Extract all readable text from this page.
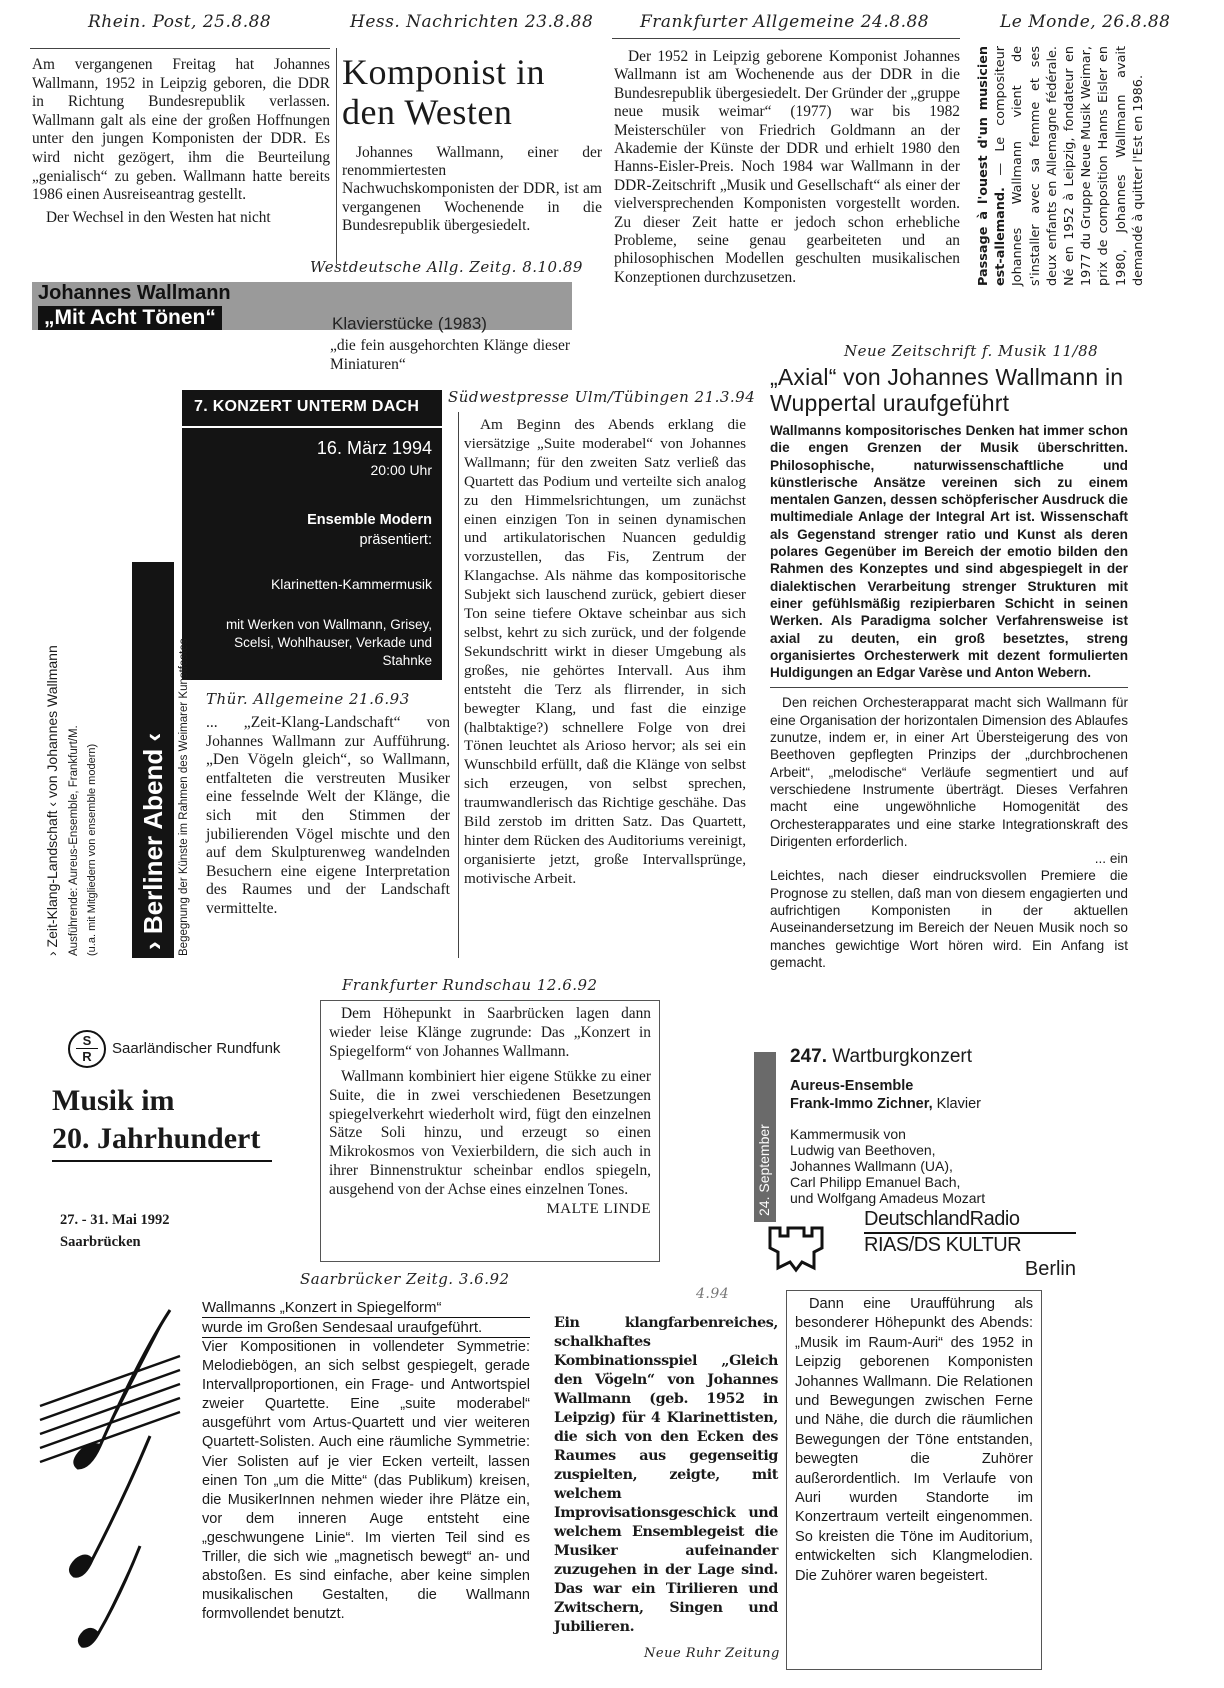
Rhein. Post, 25.8.88	Hess. Nachrichten 23.8.88	Frankfurter Allgemeine 24.8.88	Le Monde, 26.8.88

Am vergangenen Freitag hat Johannes Wallmann, 1952 in Leipzig geboren, die DDR in Richtung Bundesrepublik verlassen. Wallmann galt als eine der großen Hoffnungen unter den jungen Komponisten der DDR. Es wird nicht gezögert, ihm die Beurteilung „genialisch“ zu geben. Wallmann hatte bereits 1986 einen Ausreiseantrag gestellt.

Der Wechsel in den Westen hat nicht

Komponist in den Westen
Johannes Wallmann, einer der renommiertesten Nachwuchskomponisten der DDR, ist am vergangenen Wochenende in die Bundesrepublik übergesiedelt.

Der 1952 in Leipzig geborene Komponist Johannes Wallmann ist am Wochenende aus der DDR in die Bundesrepublik übergesiedelt. Der Gründer der „gruppe neue musik weimar“ (1977) war bis 1982 Meisterschüler von Friedrich Goldmann an der Akademie der Künste der DDR und erhielt 1980 den Hanns-Eisler-Preis. Noch 1984 war Wallmann in der DDR-Zeitschrift „Musik und Gesellschaft“ als einer der vielversprechenden Komponisten vorgestellt worden. Zu dieser Zeit hatte er jedoch schon erhebliche Probleme, seine genau gearbeiteten und an philosophischen Modellen geschulten musikalischen Konzeptionen durchzusetzen.	Passage à l'ouest d'un musicien est-allemand. — Le compositeur Johannes Wallmann vient de s'installer avec sa femme et ses deux enfants en Allemagne fédérale. Né en 1952 à Leipzig, fondateur en 1977 du Gruppe Neue Musik Weimar, prix de composition Hanns Eisler en 1980, Johannes Wallmann avait demandé à quitter l'Est en 1986.
Westdeutsche Allg. Zeitg. 8.10.89
Johannes Wallmann
„Mit Acht Tönen“	Klavierstücke (1983)
„die fein ausgehorchten Klänge dieser Miniaturen“
7. KONZERT UNTERM DACH
16. März 1994
20:00 Uhr
Ensemble Modern
präsentiert:
Klarinetten-Kammermusik
mit Werken von Wallmann, Grisey, Scelsi, Wohlhauser, Verkade und Stahnke
› Zeit-Klang-Landschaft ‹ von Johannes Wallmann Ausführende: Aureus-Ensemble, Frankfurt/M. (u.a. mit Mitgliedern von ensemble modern) › Berliner Abend ‹ Begegnung der Künste im Rahmen des Weimarer Kunstfestes Thür. Allgemeine 21.6.93

... „Zeit-Klang-Landschaft“ von Johannes Wallmann zur Aufführung. „Den Vögeln gleich“, so Wallmann, entfalteten die verstreuten Musiker eine fesselnde Welt der Klänge, die sich mit den Stimmen der jubilierenden Vögel mischte und den auf dem Skulpturenweg wandelnden Besuchern eine eigene Interpretation des Raumes und der Landschaft vermittelte.

Südwestpresse Ulm/Tübingen 21.3.94

Am Beginn des Abends erklang die viersätzige „Suite moderabel“ von Johannes Wallmann; für den zweiten Satz verließ das Quartett das Podium und verteilte sich analog zu den Himmelsrichtungen, um zunächst einen einzigen Ton in seinen dynamischen und artikulatorischen Nuancen geduldig vorzustellen, das Fis, Zentrum der Klangachse. Als nähme das kompositorische Subjekt sich lauschend zurück, gebiert dieser Ton seine tiefere Oktave scheinbar aus sich selbst, kehrt zu sich zurück, und der folgende Sekundschritt wirkt in dieser Umgebung als großes, nie gehörtes Intervall. Aus ihm entsteht die Terz als flirrender, in sich bewegter Klang, und fast die einzige (halbtaktige?) schnellere Folge von drei Tönen leuchtet als Arioso hervor; als sei ein Wunschbild erfüllt, daß die Klänge von selbst sich erzeugen, von selbst sprechen, traumwandlerisch das Richtige geschähe. Das Bild zerstob im dritten Satz. Das Quartett, hinter dem Rücken des Auditoriums vereinigt, organisierte jetzt, große Intervallsprünge, motivische Arbeit.

Neue Zeitschrift f. Musik 11/88
„Axial“ von Johannes Wallmann in Wuppertal uraufgeführt

Wallmanns kompositorisches Denken hat immer schon die engen Grenzen der Musik überschritten. Philosophische, naturwissenschaftliche und künstlerische Ansätze vereinen sich zu einem mentalen Ganzen, dessen schöpferischer Ausdruck die multimediale Anlage der Integral Art ist. Wissenschaft als Gegenstand strenger ratio und Kunst als deren polares Gegenüber im Bereich der emotio bilden den Rahmen des Konzeptes und sind abgespiegelt in der dialektischen Verarbeitung strenger Strukturen mit einer gefühlsmäßig rezipierbaren Schicht in seinen Werken. Als Paradigma solcher Verfahrensweise ist axial zu deuten, ein groß besetztes, streng organisiertes Orchesterwerk mit dezent formulierten Huldigungen an Edgar Varèse und Anton Webern.

Den reichen Orchesterapparat macht sich Wallmann für eine Organisation der horizontalen Dimension des Ablaufes zunutze, indem er, in einer Art Übersteigerung des von Beethoven gepflegten Prinzips der „durchbrochenen Arbeit“, „melodische“ Verläufe segmentiert und auf verschiedene Instrumente überträgt. Dieses Verfahren macht eine ungewöhnliche Homogenität des Orchesterapparates und eine starke Integrationskraft des Dirigenten erforderlich.

... ein

Leichtes, nach dieser eindrucksvollen Premiere die Prognose zu stellen, daß man von diesem engagierten und aufrichtigen Komponisten in der aktuellen Auseinandersetzung im Bereich der Neuen Musik noch so manches gewichtige Wort hören wird. Ein Anfang ist gemacht.

S
R	Saarländischer Rundfunk
Musik im
20. Jahrhundert
27. - 31. Mai 1992
Saarbrücken
Frankfurter Rundschau 12.6.92

Dem Höhepunkt in Saarbrücken lagen dann wieder leise Klänge zugrunde: Das „Konzert in Spiegelform“ von Johannes Wallmann.

Wallmann kombiniert hier eigene Stükke zu einer Suite, die in zwei verschiedenen Besetzungen spiegelverkehrt wiederholt wird, fügt den einzelnen Sätze Soli hinzu, und erzeugt so einen Mikrokosmos von Vexierbildern, die sich auch in ihrer Binnenstruktur scheinbar endlos spiegeln, ausgehend von der Achse eines einzelnen Tones.

MALTE LINDE	24. September
247. Wartburgkonzert
Aureus-Ensemble
Frank-Immo Zichner, Klavier
Kammermusik von
Ludwig van Beethoven,
Johannes Wallmann (UA),
Carl Philipp Emanuel Bach,
und Wolfgang Amadeus Mozart
DeutschlandRadio
RIAS/DS KULTUR
Berlin
Saarbrücker Zeitg. 3.6.92

Wallmanns „Konzert in Spiegelform“

wurde im Großen Sendesaal uraufgeführt.

Vier Kompositionen in vollendeter Symmetrie: Melodiebögen, an sich selbst gespiegelt, gerade Intervallproportionen, ein Frage- und Antwortspiel zweier Quartette. Eine „suite moderabel“ ausgeführt vom Artus-Quartett und vier weiteren Quartett-Solisten. Auch eine räumliche Symmetrie: Vier Solisten auf je vier Ecken verteilt, lassen einen Ton „um die Mitte“ (das Publikum) kreisen, die MusikerInnen nehmen wieder ihre Plätze ein, vor dem inneren Auge entsteht eine „geschwungene Linie“. Im vierten Teil sind es Triller, die sich wie „magnetisch bewegt“ an- und abstoßen. Es sind einfache, aber keine simplen musikalischen Gestalten, die Wallmann formvollendet benutzt.

4.94

Ein klangfarbenreiches, schalkhaftes Kombinationsspiel „Gleich den Vögeln“ von Johannes Wallmann (geb. 1952 in Leipzig) für 4 Klarinettisten, die sich von den Ecken des Raumes aus gegenseitig zuspielten, zeigte, mit welchem Improvisationsgeschick und welchem Ensemblegeist die Musiker aufeinander zuzugehen in der Lage sind. Das war ein Tirilieren und Zwitschern, Singen und Jubilieren.

Neue Ruhr Zeitung

Dann eine Uraufführung als besonderer Höhepunkt des Abends: „Musik im Raum-Auri“ des 1952 in Leipzig geborenen Komponisten Johannes Wallmann. Die Relationen und Bewegungen zwischen Ferne und Nähe, die durch die räumlichen Bewegungen der Töne entstanden, bewegten die Zuhörer außerordentlich. Im Verlaufe von Auri wurden Standorte im Konzertraum verteilt eingenommen. So kreisten die Töne im Auditorium, entwickelten sich Klangmelodien. Die Zuhörer waren begeistert.
